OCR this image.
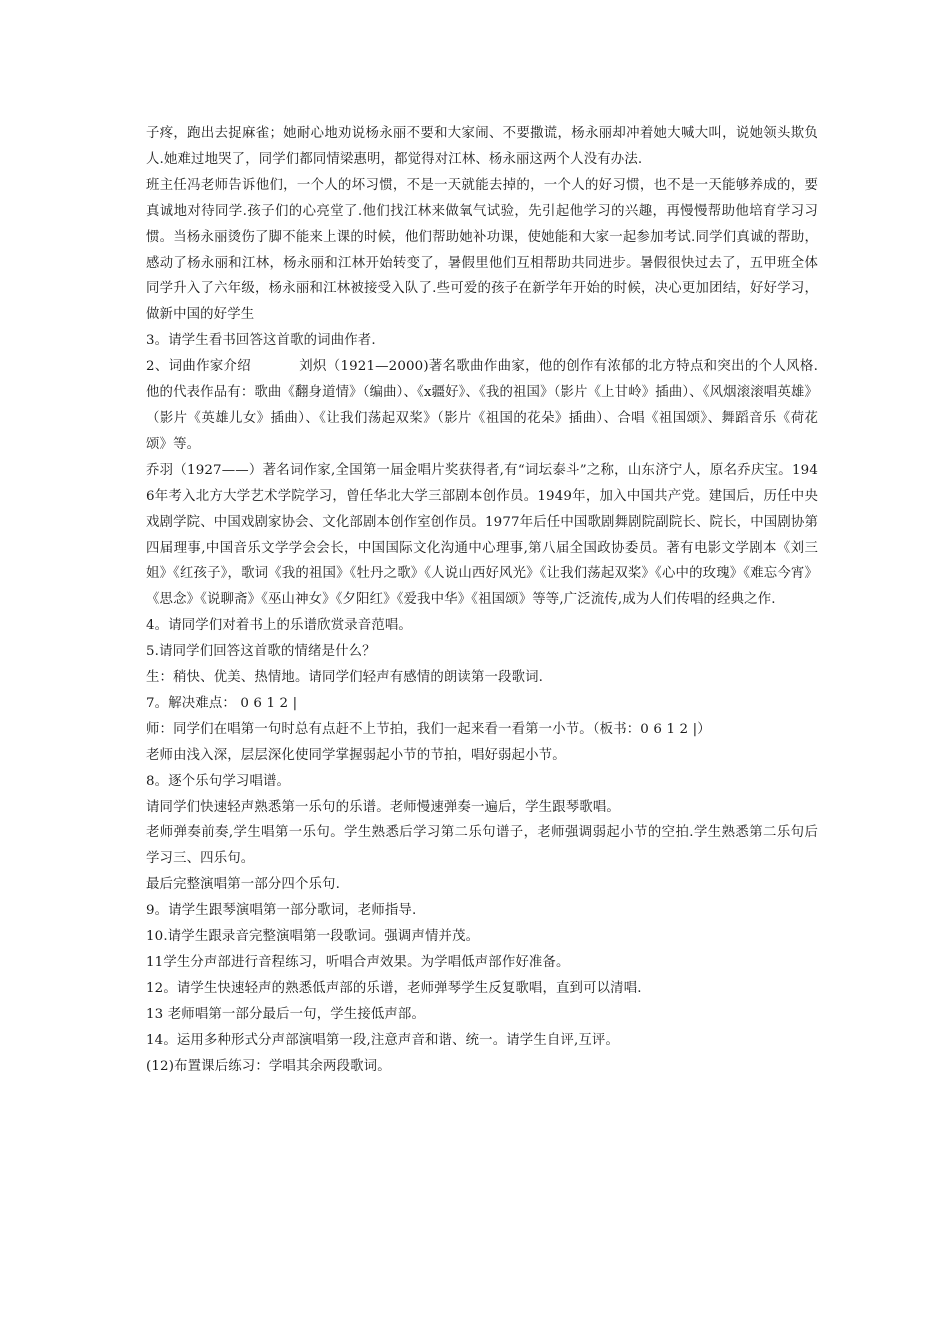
子疼，跑出去捉麻雀；她耐心地劝说杨永丽不要和大家闹、不要撒谎，杨永丽却冲着她大喊大叫，说她领头欺负人.她难过地哭了，同学们都同情梁惠明，都觉得对江林、杨永丽这两个人没有办法.

班主任冯老师告诉他们，一个人的坏习惯，不是一天就能去掉的，一个人的好习惯，也不是一天能够养成的，要真诚地对待同学.孩子们的心亮堂了.他们找江林来做氧气试验，先引起他学习的兴趣，再慢慢帮助他培育学习习惯。当杨永丽烫伤了脚不能来上课的时候，他们帮助她补功课，使她能和大家一起参加考试.同学们真诚的帮助，感动了杨永丽和江林，杨永丽和江林开始转变了，暑假里他们互相帮助共同进步。暑假很快过去了，五甲班全体同学升入了六年级，杨永丽和江林被接受入队了.些可爱的孩子在新学年开始的时候，决心更加团结，好好学习，做新中国的好学生

3。请学生看书回答这首歌的词曲作者.

2、词曲作家介绍	刘炽（1921—2000)著名歌曲作曲家，他的创作有浓郁的北方特点和突出的个人风格.他的代表作品有：歌曲《翻身道情》（编曲）、《x疆好》、《我的祖国》（影片《上甘岭》插曲）、《风烟滚滚唱英雄》（影片《英雄儿女》插曲）、《让我们荡起双桨》（影片《祖国的花朵》插曲）、合唱《祖国颂》、舞蹈音乐《荷花颂》等。

乔羽（1927——）著名词作家,全国第一届金唱片奖获得者,有“词坛泰斗”之称，山东济宁人，原名乔庆宝。1946年考入北方大学艺术学院学习，曾任华北大学三部剧本创作员。1949年，加入中国共产党。建国后，历任中央戏剧学院、中国戏剧家协会、文化部剧本创作室创作员。1977年后任中国歌剧舞剧院副院长、院长，中国剧协第四届理事,中国音乐文学学会会长，中国国际文化沟通中心理事,第八届全国政协委员。著有电影文学剧本《刘三姐》《红孩子》，歌词《我的祖国》《牡丹之歌》《人说山西好风光》《让我们荡起双桨》《心中的玫瑰》《难忘今宵》《思念》《说聊斋》《巫山神女》《夕阳红》《爱我中华》《祖国颂》等等,广泛流传,成为人们传唱的经典之作.

4。请同学们对着书上的乐谱欣赏录音范唱。

5.请同学们回答这首歌的情绪是什么？

生：稍快、优美、热情地。请同学们轻声有感情的朗读第一段歌词.

7。解决难点： 0 6 1 2 |

师：同学们在唱第一句时总有点赶不上节拍，我们一起来看一看第一小节。（板书：0 6 1 2 |）

老师由浅入深，层层深化使同学掌握弱起小节的节拍，唱好弱起小节。

8。逐个乐句学习唱谱。

请同学们快速轻声熟悉第一乐句的乐谱。老师慢速弹奏一遍后，学生跟琴歌唱。

老师弹奏前奏,学生唱第一乐句。学生熟悉后学习第二乐句谱子，老师强调弱起小节的空拍.学生熟悉第二乐句后学习三、四乐句。

最后完整演唱第一部分四个乐句.

9。请学生跟琴演唱第一部分歌词，老师指导.

10.请学生跟录音完整演唱第一段歌词。强调声情并茂。

11学生分声部进行音程练习，听唱合声效果。为学唱低声部作好准备。

12。请学生快速轻声的熟悉低声部的乐谱，老师弹琴学生反复歌唱，直到可以清唱.

13 老师唱第一部分最后一句，学生接低声部。

14。运用多种形式分声部演唱第一段,注意声音和谐、统一。请学生自评,互评。

(12)布置课后练习：学唱其余两段歌词。
